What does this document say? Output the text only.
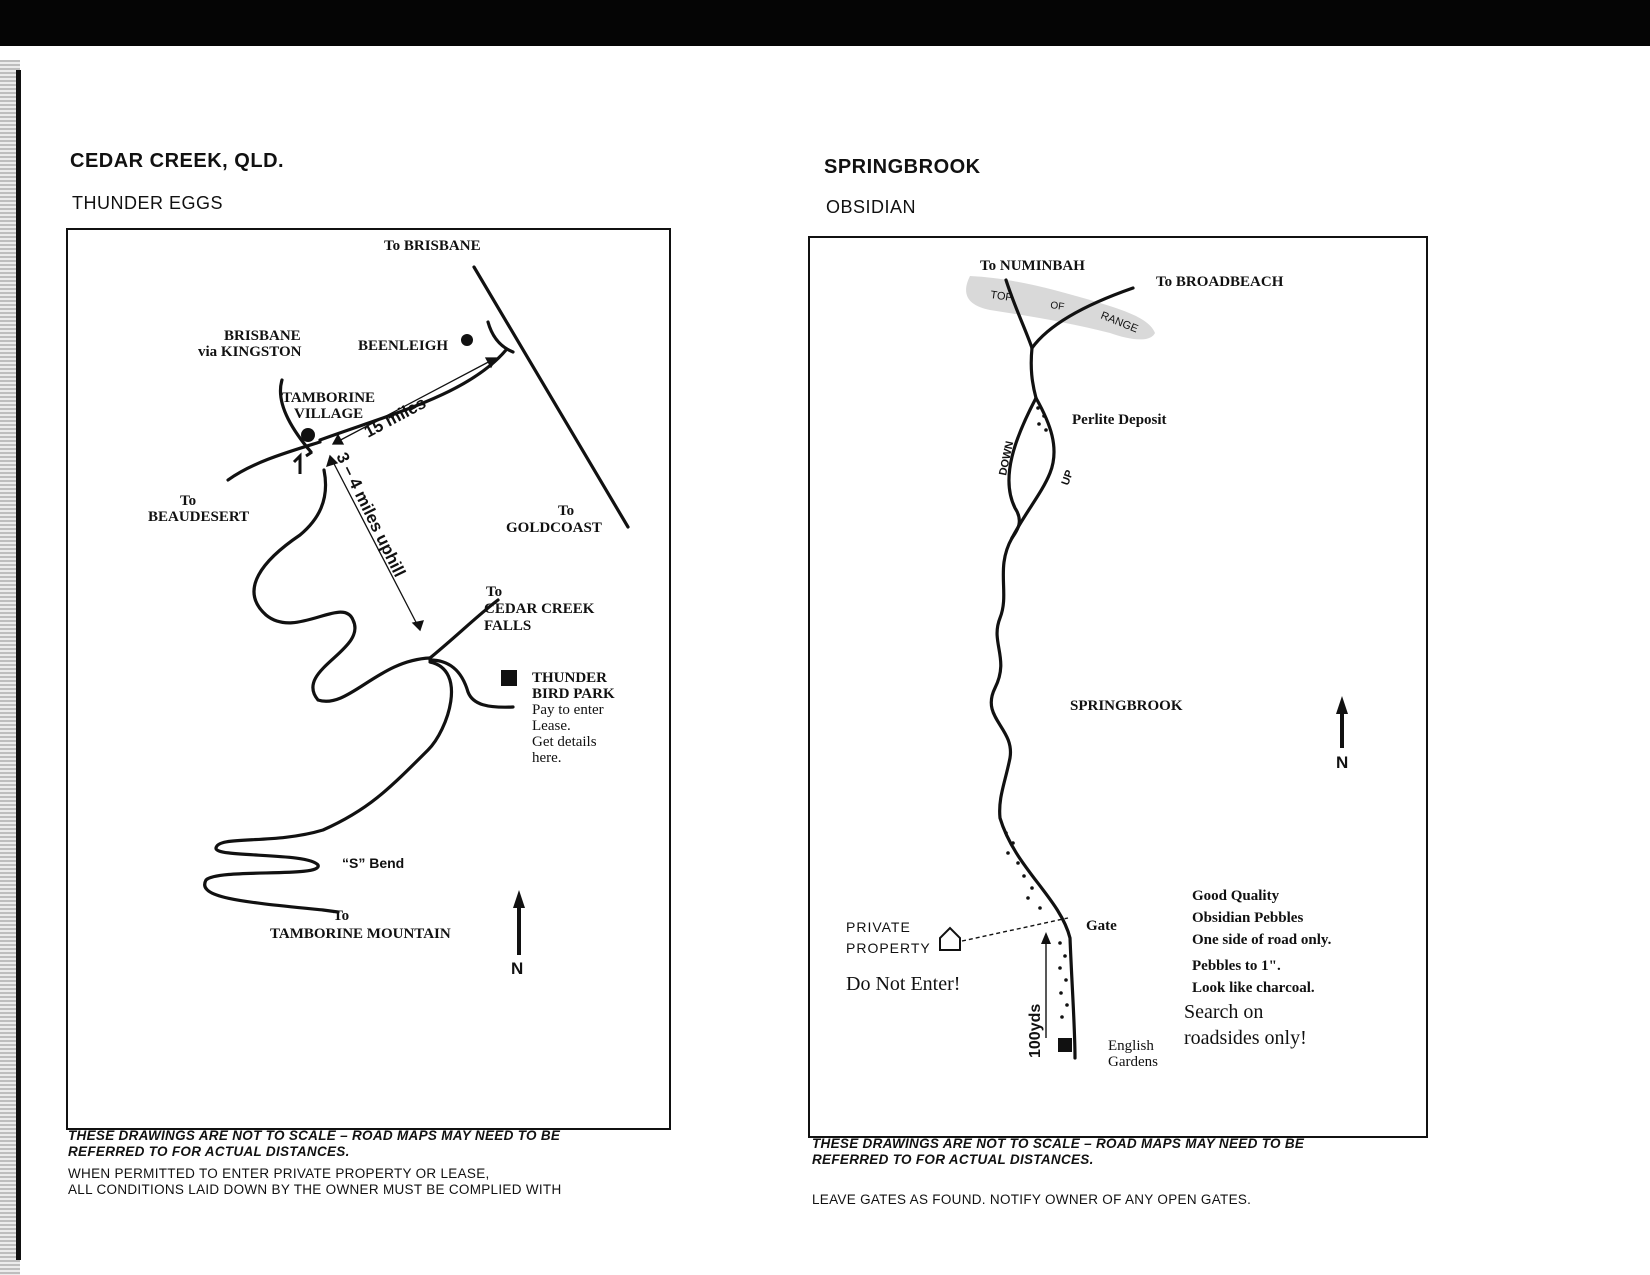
CEDAR CREEK, QLD.
THUNDER EGGS
To BRISBANE
BRISBANE
via KINGSTON	BEENLEIGH
TAMBORINE
VILLAGE
15 miles
3 – 4 miles uphill
To
BEAUDESERT	To
GOLDCOAST
To
CEDAR CREEK
FALLS
THUNDER
BIRD PARK
Pay to enter
Lease.
Get details
here.
“S” Bend
To
TAMBORINE MOUNTAIN
N
THESE DRAWINGS ARE NOT TO SCALE – ROAD MAPS MAY NEED TO BE
REFERRED TO FOR ACTUAL DISTANCES.
WHEN PERMITTED TO ENTER PRIVATE PROPERTY OR LEASE,
ALL CONDITIONS LAID DOWN BY THE OWNER MUST BE COMPLIED WITH
SPRINGBROOK
OBSIDIAN
To NUMINBAH
To BROADBEACH
TOP
OF
RANGE
Perlite Deposit
DOWN
UP
SPRINGBROOK
N
Good Quality
Obsidian Pebbles
One side of road only.
Pebbles to 1".
Look like charcoal.
PRIVATE
PROPERTY
Gate
Do Not Enter!
Search on
roadsides only!
100yds	English
Gardens
THESE DRAWINGS ARE NOT TO SCALE – ROAD MAPS MAY NEED TO BE
REFERRED TO FOR ACTUAL DISTANCES.
LEAVE GATES AS FOUND. NOTIFY OWNER OF ANY OPEN GATES.
